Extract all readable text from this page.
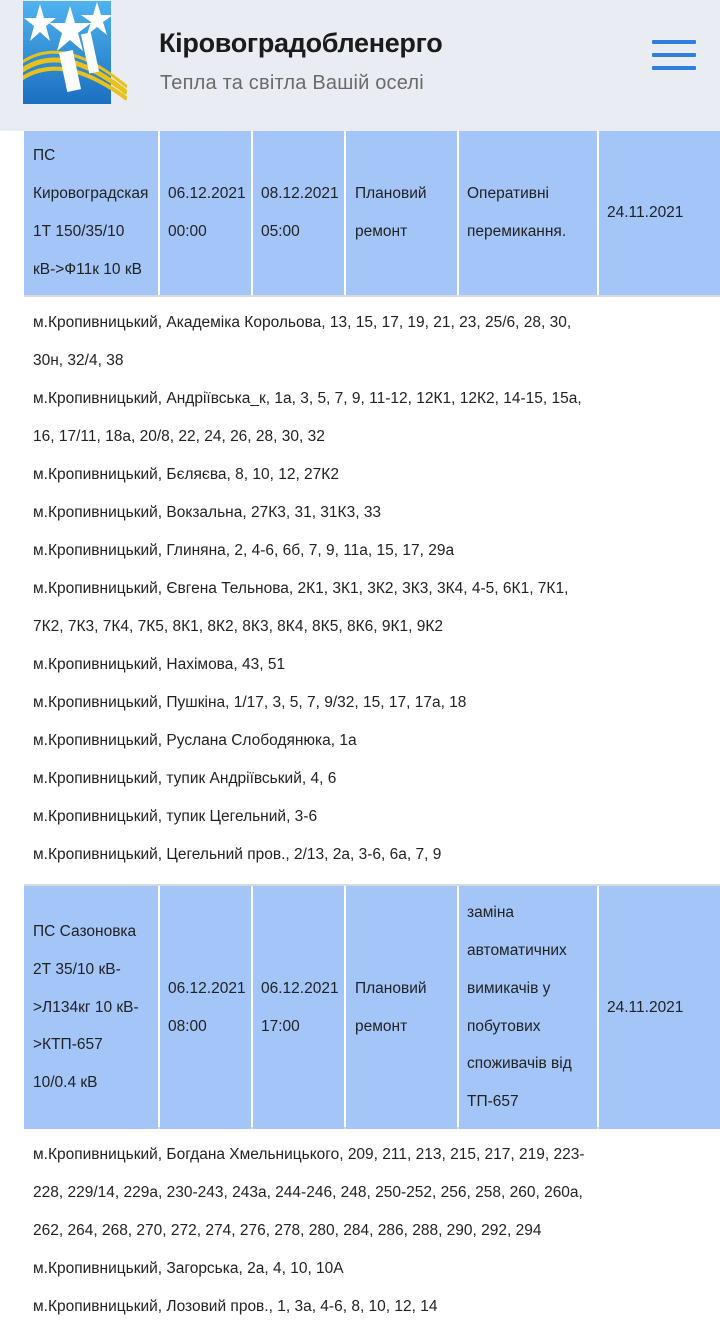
Кіровоградобленерго
Тепла та світла Вашій оселі
ПС
Кировоградская
1Т 150/35/10
кВ->Ф11к 10 кВ
06.12.2021
00:00
08.12.2021
05:00
Плановий
ремонт
Оперативні
перемикання.
24.11.2021
м.Кропивницький, Академіка Корольова, 13, 15, 17, 19, 21, 23, 25/6, 28, 30,
30н, 32/4, 38
м.Кропивницький, Андріївська_к, 1а, 3, 5, 7, 9, 11-12, 12К1, 12К2, 14-15, 15а,
16, 17/11, 18а, 20/8, 22, 24, 26, 28, 30, 32
м.Кропивницький, Бєляєва, 8, 10, 12, 27К2
м.Кропивницький, Вокзальна, 27К3, 31, 31К3, 33
м.Кропивницький, Глиняна, 2, 4-6, 6б, 7, 9, 11а, 15, 17, 29а
м.Кропивницький, Євгена Тельнова, 2К1, 3К1, 3К2, 3К3, 3К4, 4-5, 6К1, 7К1,
7К2, 7К3, 7К4, 7К5, 8К1, 8К2, 8К3, 8К4, 8К5, 8К6, 9К1, 9К2
м.Кропивницький, Нахімова, 43, 51
м.Кропивницький, Пушкіна, 1/17, 3, 5, 7, 9/32, 15, 17, 17а, 18
м.Кропивницький, Руслана Слободянюка, 1а
м.Кропивницький, тупик Андріївський, 4, 6
м.Кропивницький, тупик Цегельний, 3-6
м.Кропивницький, Цегельний пров., 2/13, 2а, 3-6, 6а, 7, 9
ПС Сазоновка
2Т 35/10 кВ-
>Л134кг 10 кВ-
>КТП-657
10/0.4 кВ
06.12.2021
08:00
06.12.2021
17:00
Плановий
ремонт
заміна
автоматичних
вимикачів у
побутових
споживачів від
ТП-657
24.11.2021
м.Кропивницький, Богдана Хмельницького, 209, 211, 213, 215, 217, 219, 223-
228, 229/14, 229а, 230-243, 243а, 244-246, 248, 250-252, 256, 258, 260, 260а,
262, 264, 268, 270, 272, 274, 276, 278, 280, 284, 286, 288, 290, 292, 294
м.Кропивницький, Загорська, 2а, 4, 10, 10А
м.Кропивницький, Лозовий пров., 1, 3а, 4-6, 8, 10, 12, 14
